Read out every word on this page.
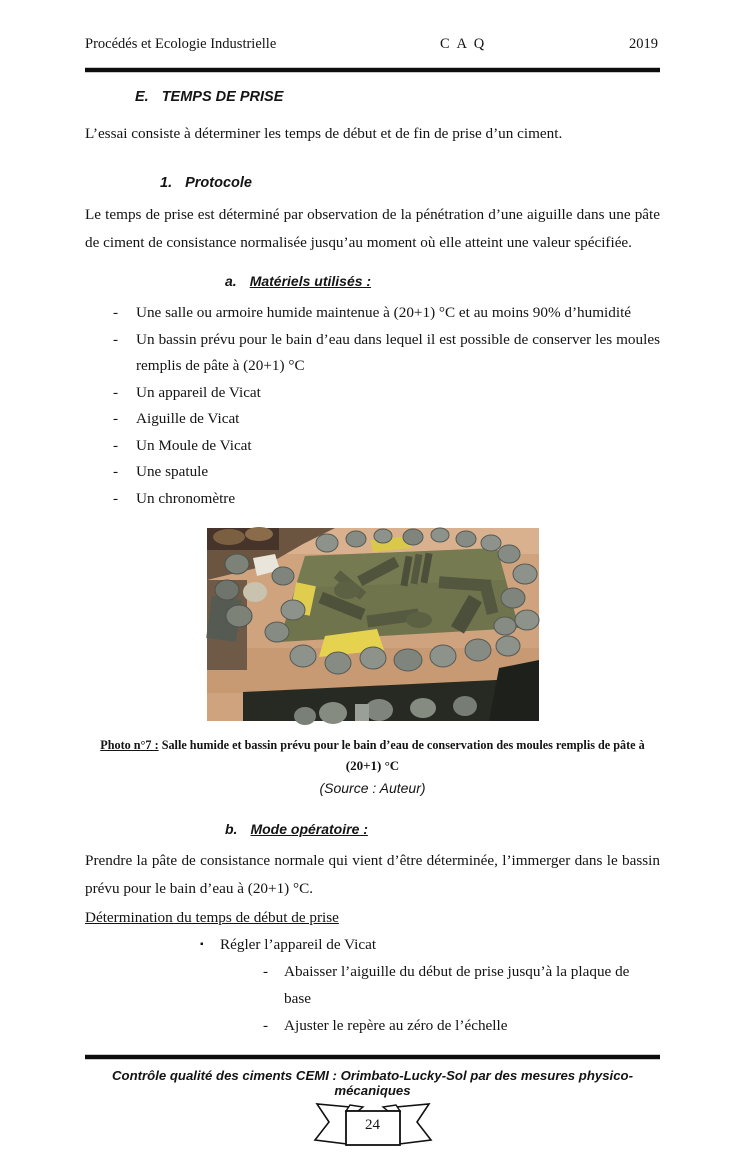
Procédés et Ecologie Industrielle	C A Q	2019
E. TEMPS DE PRISE
L’essai consiste à déterminer les temps de début et de fin de prise d’un ciment.
1. Protocole
Le temps de prise est déterminé par observation de la pénétration d’une aiguille dans une pâte de ciment de consistance normalisée jusqu’au moment où elle atteint une valeur spécifiée.
a. Matériels utilisés :
- Une salle ou armoire humide maintenue à (20+1) °C et au moins 90% d’humidité
- Un bassin prévu pour le bain d’eau dans lequel il est possible de conserver les moules remplis de pâte à (20+1) °C
- Un appareil de Vicat
- Aiguille de Vicat
- Un Moule de Vicat
- Une spatule
- Un chronomètre
Photo n°7 : Salle humide et bassin prévu pour le bain d’eau de conservation des moules remplis de pâte à
(20+1) °C
(Source : Auteur)
b. Mode opératoire :
Prendre la pâte de consistance normale qui vient d’être déterminée, l’immerger dans le bassin prévu pour le bain d’eau à (20+1) °C.
Détermination du temps de début de prise
▪ Régler l’appareil de Vicat
- Abaisser l’aiguille du début de prise jusqu’à la plaque de base
- Ajuster le repère au zéro de l’échelle
Contrôle qualité des ciments CEMI : Orimbato-Lucky-Sol par des mesures physico-mécaniques
24
